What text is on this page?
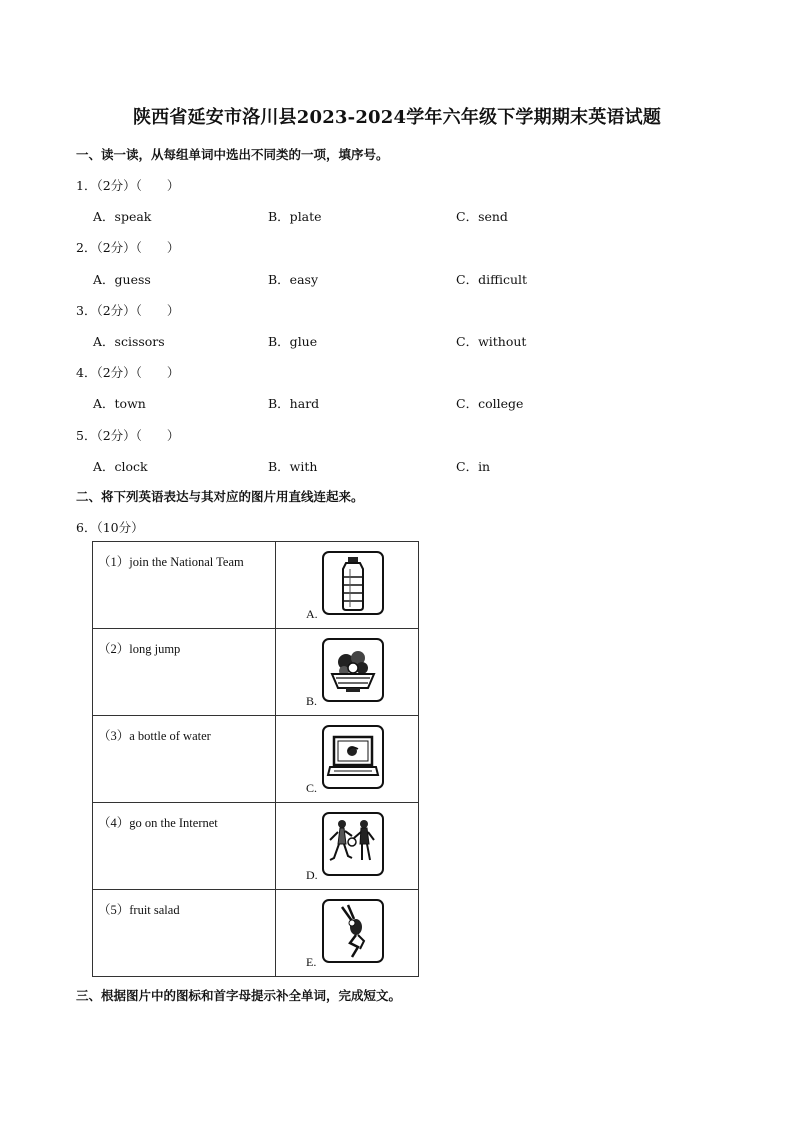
陕西省延安市洛川县2023-2024学年六年级下学期期末英语试题
一、读一读，从每组单词中选出不同类的一项，填序号。
1．（2分）（　　）
A．speak	B．plate	C．send
2．（2分）（　　）
A．guess	B．easy	C．difficult
3．（2分）（　　）
A．scissors	B．glue	C．without
4．（2分）（　　）
A．town	B．hard	C．college
5．（2分）（　　）
A．clock	B．with	C．in
二、将下列英语表达与其对应的图片用直线连起来。
6．（10分）
（1）join the National Team	A.

（2）long jump	B.

（3）a bottle of water	C.

（4）go on the Internet	D.

（5）fruit salad	E.
三、根据图片中的图标和首字母提示补全单词，完成短文。
